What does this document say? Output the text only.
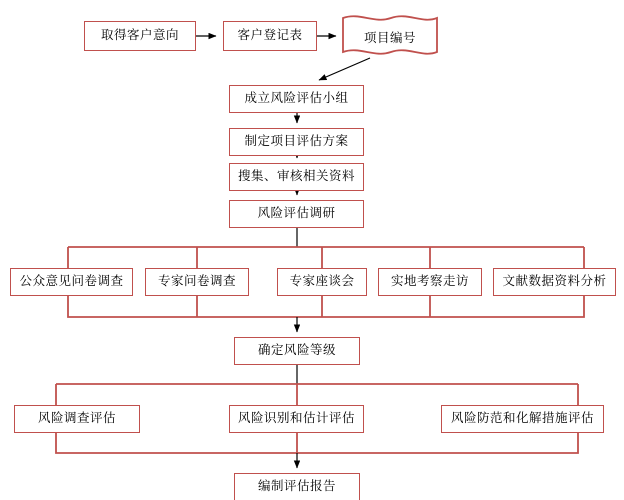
取得客户意向	客户登记表	项目编号
成立风险评估小组
制定项目评估方案
搜集、审核相关资料
风险评估调研
公众意见问卷调查	专家问卷调查	专家座谈会	实地考察走访	文献数据资料分析
确定风险等级
风险调查评估	风险识别和估计评估	风险防范和化解措施评估
编制评估报告
